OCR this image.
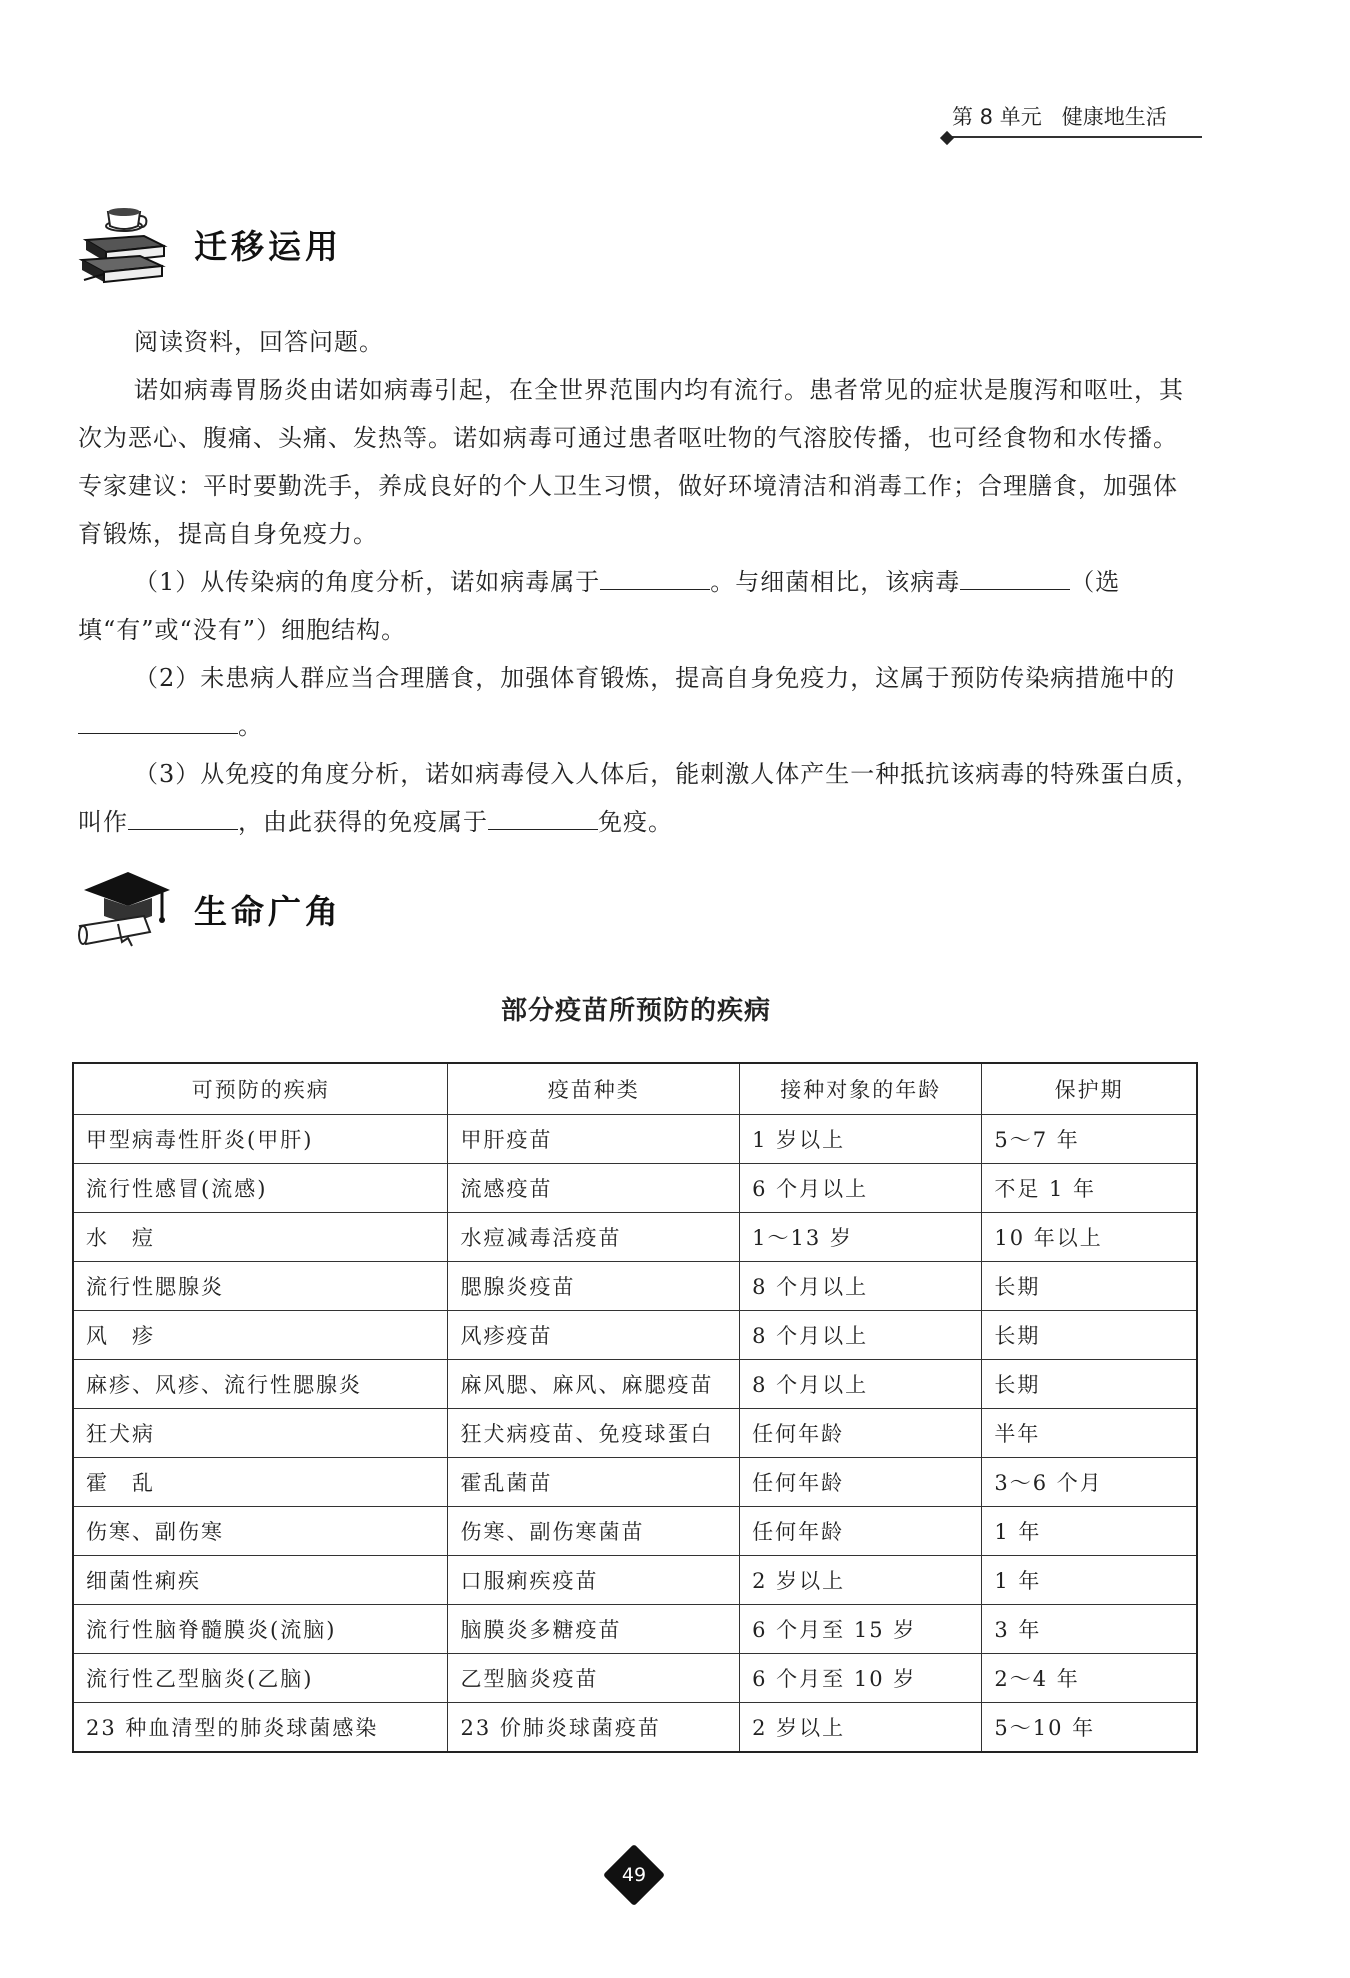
第 8 单元 健康地生活
迁移运用

阅读资料，回答问题。

诺如病毒胃肠炎由诺如病毒引起，在全世界范围内均有流行。患者常见的症状是腹泻和呕吐，其次为恶心、腹痛、头痛、发热等。诺如病毒可通过患者呕吐物的气溶胶传播，也可经食物和水传播。专家建议：平时要勤洗手，养成良好的个人卫生习惯，做好环境清洁和消毒工作；合理膳食，加强体育锻炼，提高自身免疫力。

（1）从传染病的角度分析，诺如病毒属于	。与细菌相比，该病毒	（选填“有”或“没有”）细胞结构。

（2）未患病人群应当合理膳食，加强体育锻炼，提高自身免疫力，这属于预防传染病措施中的。

（3）从免疫的角度分析，诺如病毒侵入人体后，能刺激人体产生一种抵抗该病毒的特殊蛋白质，叫作	，由此获得的免疫属于	免疫。

生命广角
部分疫苗所预防的疾病
可预防的疾病	疫苗种类	接种对象的年龄	保护期
甲型病毒性肝炎(甲肝)	甲肝疫苗	1 岁以上	5～7 年
流行性感冒(流感)	流感疫苗	6 个月以上	不足 1 年
水　痘	水痘减毒活疫苗	1～13 岁	10 年以上
流行性腮腺炎	腮腺炎疫苗	8 个月以上	长期
风　疹	风疹疫苗	8 个月以上	长期
麻疹、风疹、流行性腮腺炎	麻风腮、麻风、麻腮疫苗	8 个月以上	长期
狂犬病	狂犬病疫苗、免疫球蛋白	任何年龄	半年
霍　乱	霍乱菌苗	任何年龄	3～6 个月
伤寒、副伤寒	伤寒、副伤寒菌苗	任何年龄	1 年
细菌性痢疾	口服痢疾疫苗	2 岁以上	1 年
流行性脑脊髓膜炎(流脑)	脑膜炎多糖疫苗	6 个月至 15 岁	3 年
流行性乙型脑炎(乙脑)	乙型脑炎疫苗	6 个月至 10 岁	2～4 年
23 种血清型的肺炎球菌感染	23 价肺炎球菌疫苗	2 岁以上	5～10 年
49
